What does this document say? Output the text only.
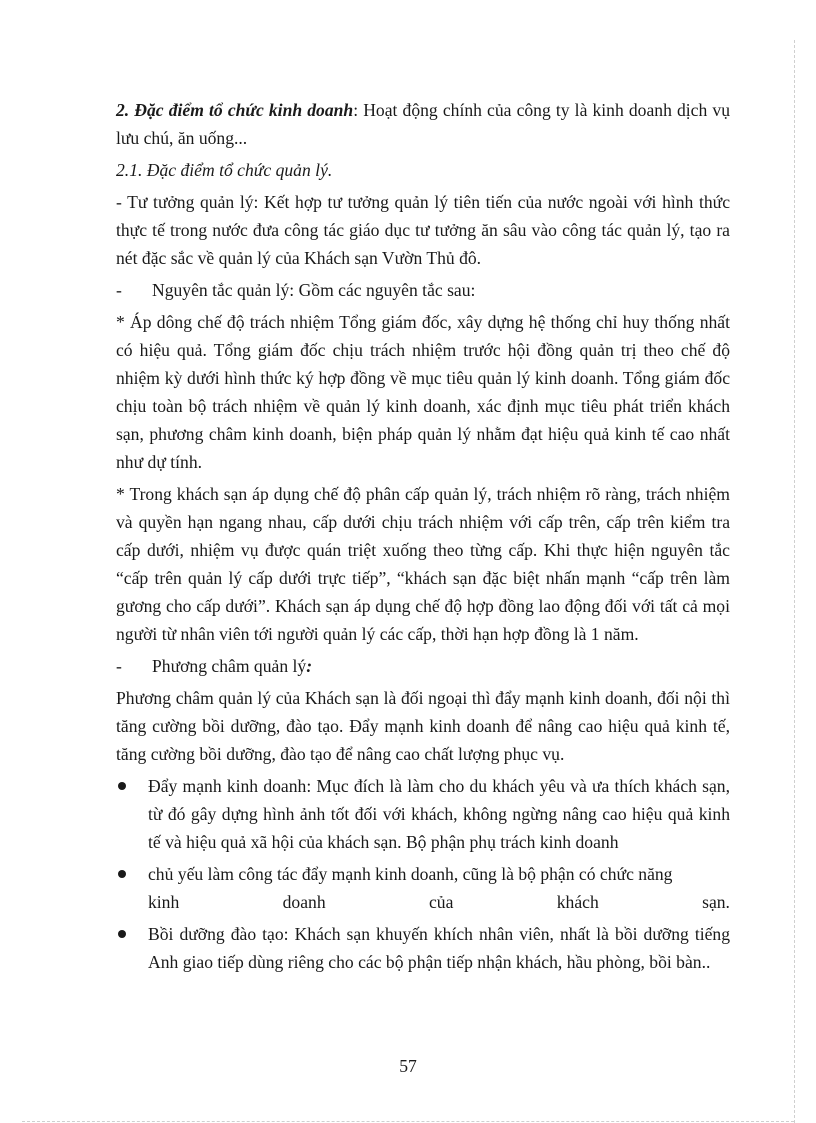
2. Đặc điểm tổ chức kinh doanh: Hoạt động chính của công ty là kinh doanh dịch vụ lưu chú, ăn uống...

2.1. Đặc điểm tổ chức quản lý.

- Tư tưởng quản lý: Kết hợp tư tưởng quản lý tiên tiến của nước ngoài với hình thức thực tế trong nước đưa công tác giáo dục tư tưởng ăn sâu vào công tác quản lý, tạo ra nét đặc sắc về quản lý của Khách sạn Vườn Thủ đô.

-	Nguyên tắc quản lý: Gồm các nguyên tắc sau:

* Áp dông chế độ trách nhiệm Tổng giám đốc, xây dựng hệ thống chỉ huy thống nhất có hiệu quả. Tổng giám đốc chịu trách nhiệm trước hội đồng quản trị theo chế độ nhiệm kỳ dưới hình thức ký hợp đồng về mục tiêu quản lý kinh doanh. Tổng giám đốc chịu toàn bộ trách nhiệm về quản lý kinh doanh, xác định mục tiêu phát triển khách sạn, phương châm kinh doanh, biện pháp quản lý nhằm đạt hiệu quả kinh tế cao nhất như dự tính.

* Trong khách sạn áp dụng chế độ phân cấp quản lý, trách nhiệm rõ ràng, trách nhiệm và quyền hạn ngang nhau, cấp dưới chịu trách nhiệm với cấp trên, cấp trên kiểm tra cấp dưới, nhiệm vụ được quán triệt xuống theo từng cấp. Khi thực hiện nguyên tắc “cấp trên quản lý cấp dưới trực tiếp”, “khách sạn đặc biệt nhấn mạnh “cấp trên làm gương cho cấp dưới”. Khách sạn áp dụng chế độ hợp đồng lao động đối với tất cả mọi người từ nhân viên tới người quản lý các cấp, thời hạn hợp đồng là 1 năm.

-	Phương châm quản lý:

Phương châm quản lý của Khách sạn là đối ngoại thì đẩy mạnh kinh doanh, đối nội thì tăng cường bồi dưỡng, đào tạo. Đẩy mạnh kinh doanh để nâng cao hiệu quả kinh tế, tăng cường bồi dưỡng, đào tạo để nâng cao chất lượng phục vụ.

Đẩy mạnh kinh doanh: Mục đích là làm cho du khách yêu và ưa thích khách sạn, từ đó gây dựng hình ảnh tốt đối với khách, không ngừng nâng cao hiệu quả kinh tế và hiệu quả xã hội của khách sạn. Bộ phận phụ trách kinh doanh
chủ yếu làm công tác đẩy mạnh kinh doanh, cũng là bộ phận có chức năng
kinh	doanh	của	khách	sạn.
Bồi dưỡng đào tạo: Khách sạn khuyến khích nhân viên, nhất là bồi dưỡng tiếng Anh giao tiếp dùng riêng cho các bộ phận tiếp nhận khách, hầu phòng, bồi bàn..
57
